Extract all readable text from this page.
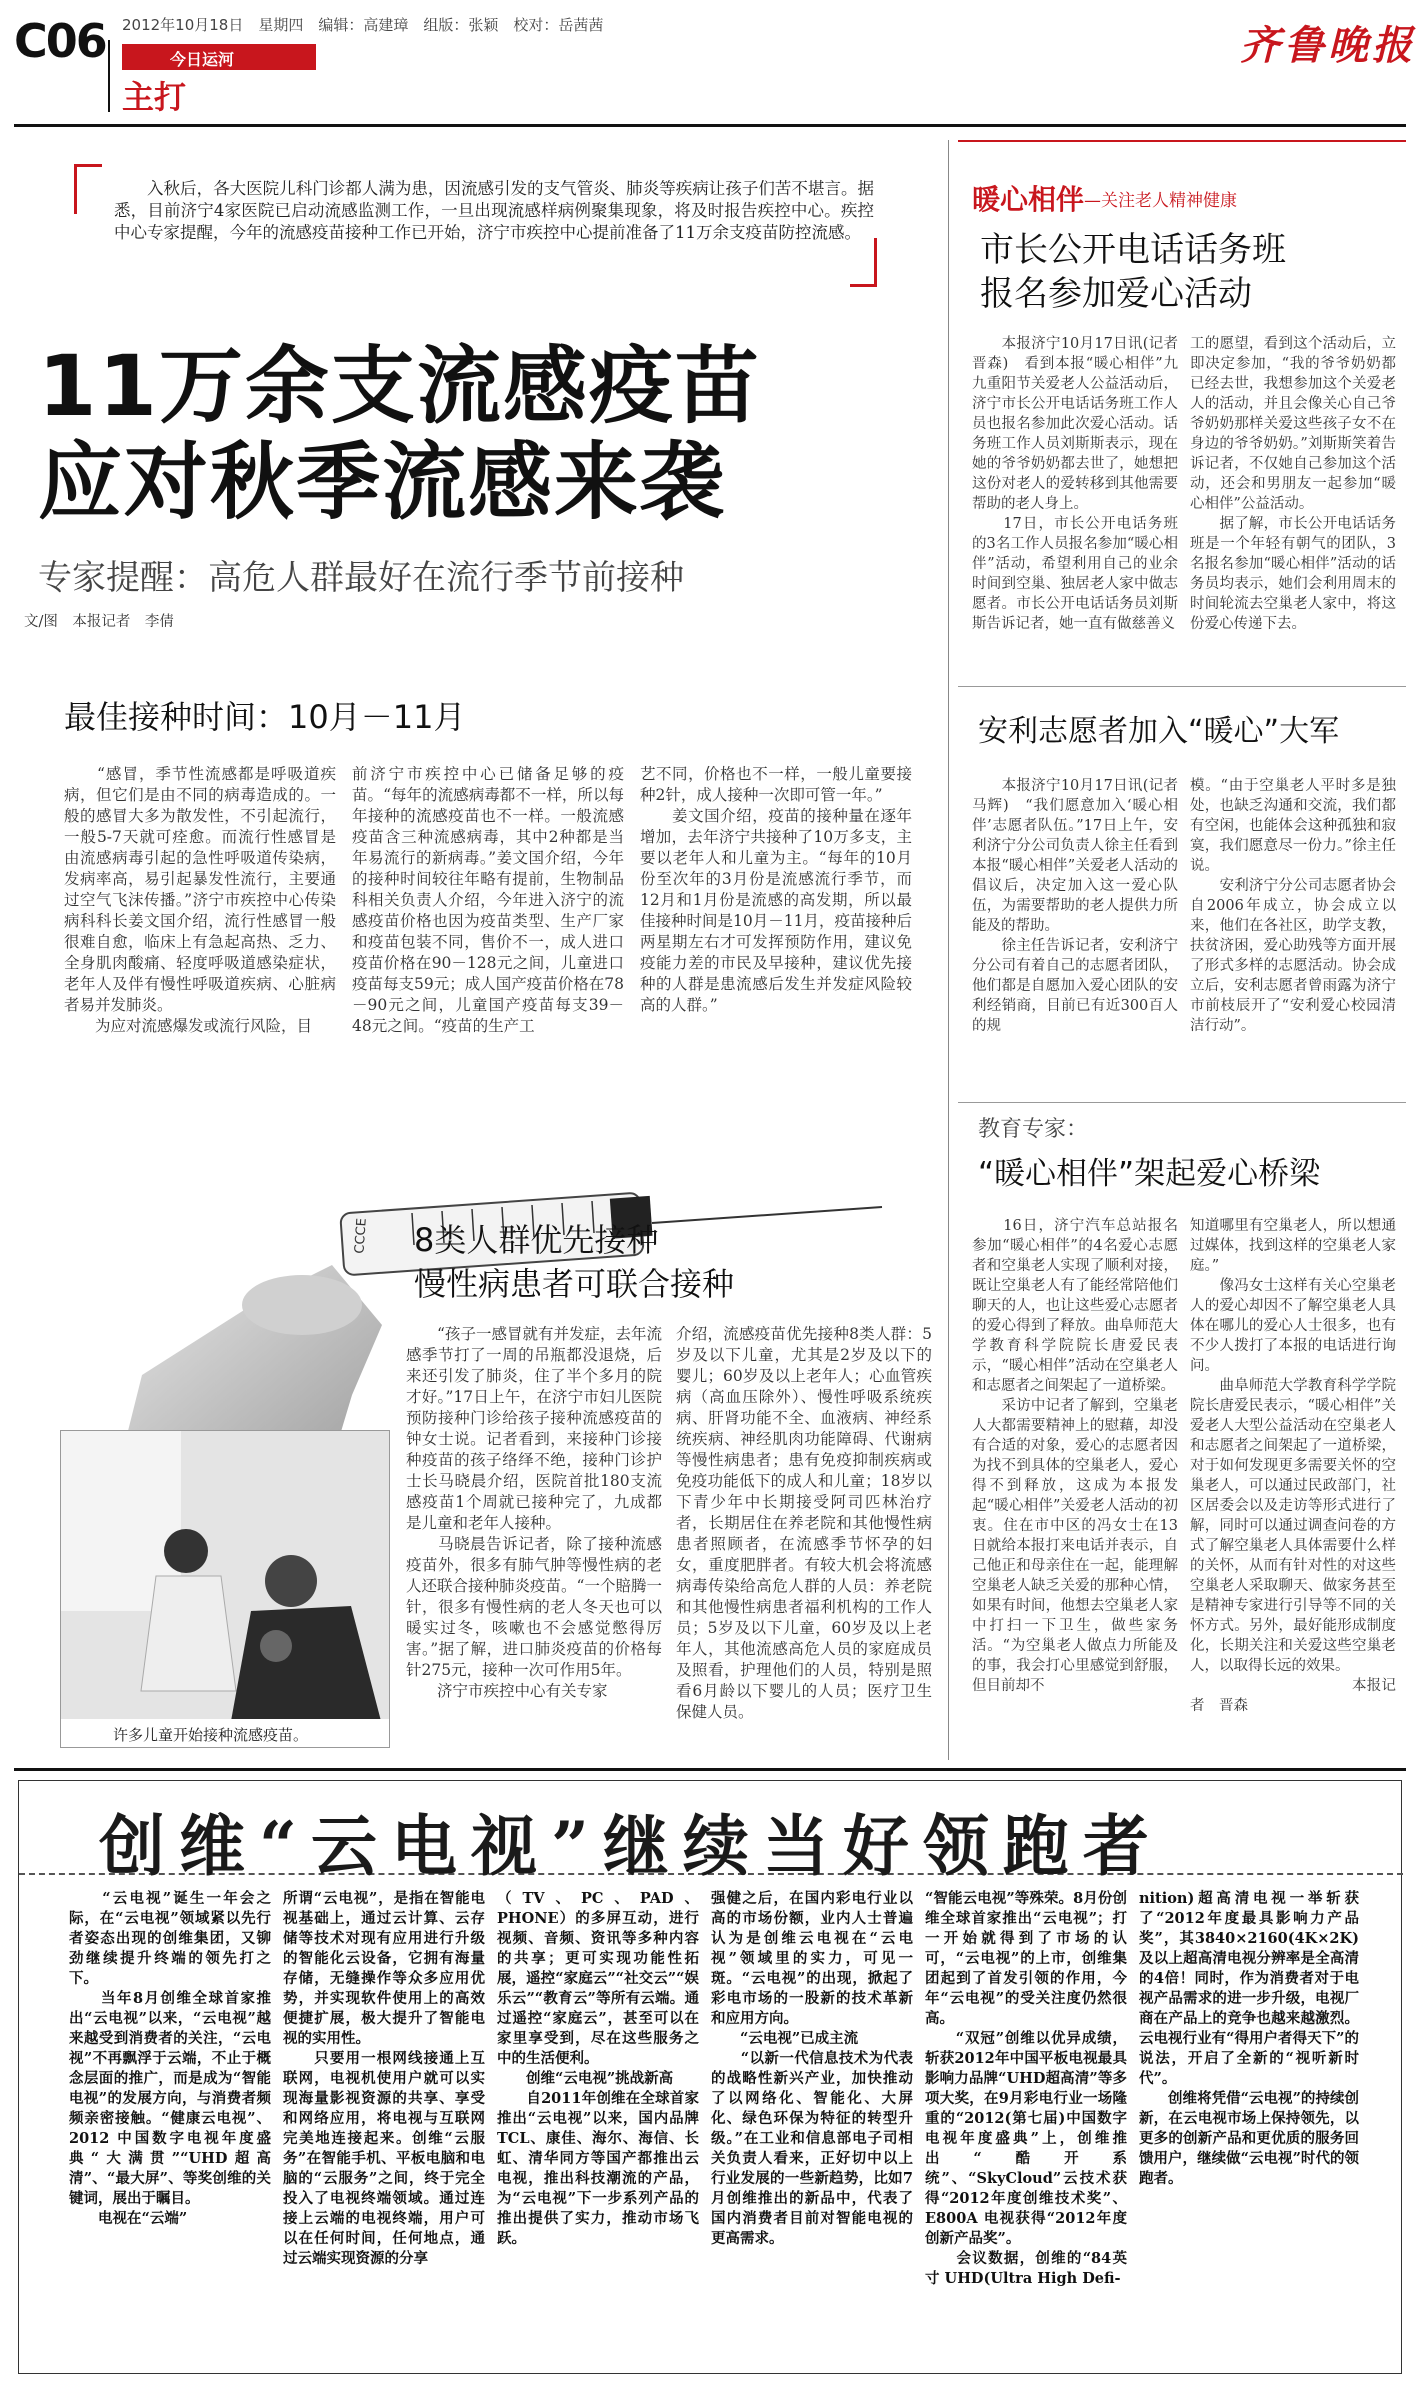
C06 2012年10月18日　星期四　编辑：高建璋　组版：张颖　校对：岳茜茜
今日运河
主打
齐鲁晚报
入秋后，各大医院儿科门诊都人满为患，因流感引发的支气管炎、肺炎等疾病让孩子们苦不堪言。据悉，目前济宁4家医院已启动流感监测工作，一旦出现流感样病例聚集现象，将及时报告疾控中心。疾控中心专家提醒，今年的流感疫苗接种工作已开始，济宁市疾控中心提前准备了11万余支疫苗防控流感。
11万余支流感疫苗
应对秋季流感来袭
专家提醒：高危人群最好在流行季节前接种
文/图　本报记者　李倩
最佳接种时间：10月－11月
　　“感冒，季节性流感都是呼吸道疾病，但它们是由不同的病毒造成的。一般的感冒大多为散发性，不引起流行，一般5-7天就可痊愈。而流行性感冒是由流感病毒引起的急性呼吸道传染病，发病率高，易引起暴发性流行，主要通过空气飞沫传播。”济宁市疾控中心传染病科科长姜文国介绍，流行性感冒一般很难自愈，临床上有急起高热、乏力、全身肌肉酸痛、轻度呼吸道感染症状，老年人及伴有慢性呼吸道疾病、心脏病者易并发肺炎。
　　为应对流感爆发或流行风险，目
前济宁市疾控中心已储备足够的疫苗。“每年的流感病毒都不一样，所以每年接种的流感疫苗也不一样。一般流感疫苗含三种流感病毒，其中2种都是当年易流行的新病毒。”姜文国介绍，今年的接种时间较往年略有提前，生物制品科相关负责人介绍，今年进入济宁的流感疫苗价格也因为疫苗类型、生产厂家和疫苗包装不同，售价不一，成人进口疫苗价格在90－128元之间，儿童进口疫苗每支59元；成人国产疫苗价格在78－90元之间，儿童国产疫苗每支39－48元之间。“疫苗的生产工
艺不同，价格也不一样，一般儿童要接种2针，成人接种一次即可管一年。”
　　姜文国介绍，疫苗的接种量在逐年增加，去年济宁共接种了10万多支，主要以老年人和儿童为主。“每年的10月份至次年的3月份是流感流行季节，而12月和1月份是流感的高发期，所以最佳接种时间是10月－11月，疫苗接种后两星期左右才可发挥预防作用，建议免疫能力差的市民及早接种，建议优先接种的人群是患流感后发生并发症风险较高的人群。”
CCCE 8类人群优先接种
慢性病患者可联合接种
许多儿童开始接种流感疫苗。
　　“孩子一感冒就有并发症，去年流感季节打了一周的吊瓶都没退烧，后来还引发了肺炎，住了半个多月的院才好。”17日上午，在济宁市妇儿医院预防接种门诊给孩子接种流感疫苗的钟女士说。记者看到，来接种门诊接种疫苗的孩子络绎不绝，接种门诊护士长马晓晨介绍，医院首批180支流感疫苗1个周就已接种完了，九成都是儿童和老年人接种。
　　马晓晨告诉记者，除了接种流感疫苗外，很多有肺气肿等慢性病的老人还联合接种肺炎疫苗。“一个賠腾一针，很多有慢性病的老人冬天也可以暖实过冬，咳嗽也不会感觉憋得厉害。”据了解，进口肺炎疫苗的价格每针275元，接种一次可作用5年。
　　济宁市疾控中心有关专家
介绍，流感疫苗优先接种8类人群：5岁及以下儿童，尤其是2岁及以下的婴儿；60岁及以上老年人；心血管疾病（高血压除外）、慢性呼吸系统疾病、肝肾功能不全、血液病、神经系统疾病、神经肌肉功能障碍、代谢病等慢性病患者；患有免疫抑制疾病或免疫功能低下的成人和儿童；18岁以下青少年中长期接受阿司匹林治疗者，长期居住在养老院和其他慢性病患者照顾者，在流感季节怀孕的妇女，重度肥胖者。有较大机会将流感病毒传染给高危人群的人员：养老院和其他慢性病患者福利机构的工作人员；5岁及以下儿童，60岁及以上老年人，其他流感高危人员的家庭成员及照看，护理他们的人员，特别是照看6月龄以下婴儿的人员；医疗卫生保健人员。
暖心相伴 —关注老人精神健康
市长公开电话话务班
报名参加爱心活动
　　本报济宁10月17日讯(记者　晋森)　看到本报“暖心相伴”九九重阳节关爱老人公益活动后，济宁市长公开电话话务班工作人员也报名参加此次爱心活动。话务班工作人员刘斯斯表示，现在她的爷爷奶奶都去世了，她想把这份对老人的爱转移到其他需要帮助的老人身上。
　　17日，市长公开电话务班的3名工作人员报名参加“暖心相伴”活动，希望利用自己的业余时间到空巢、独居老人家中做志愿者。市长公开电话话务员刘斯斯告诉记者，她一直有做慈善义
工的愿望，看到这个活动后，立即决定参加，“我的爷爷奶奶都已经去世，我想参加这个关爱老人的活动，并且会像关心自己爷爷奶奶那样关爱这些孩子女不在身边的爷爷奶奶。”刘斯斯笑着告诉记者，不仅她自己参加这个活动，还会和男朋友一起参加“暖心相伴”公益活动。
　　据了解，市长公开电话话务班是一个年轻有朝气的团队，3名报名参加“暖心相伴”活动的话务员均表示，她们会利用周末的时间轮流去空巢老人家中，将这份爱心传递下去。
安利志愿者加入“暖心”大军
　　本报济宁10月17日讯(记者　马辉)　“我们愿意加入‘暖心相伴’志愿者队伍。”17日上午，安利济宁分公司负责人徐主任看到本报“暖心相伴”关爱老人活动的倡议后，决定加入这一爱心队伍，为需要帮助的老人提供力所能及的帮助。
　　徐主任告诉记者，安利济宁分公司有着自己的志愿者团队，他们都是自愿加入爱心团队的安利经销商，目前已有近300百人的规
模。“由于空巢老人平时多是独处，也缺乏沟通和交流，我们都有空闲，也能体会这种孤独和寂寞，我们愿意尽一份力。”徐主任说。
　　安利济宁分公司志愿者协会自2006年成立，协会成立以来，他们在各社区，助学支教，扶贫济困，爱心助残等方面开展了形式多样的志愿活动。协会成立后，安利志愿者曾雨露为济宁市前枝辰开了“安利爱心校园清洁行动”。
教育专家：
“暖心相伴”架起爱心桥梁
　　16日，济宁汽车总站报名参加“暖心相伴”的4名爱心志愿者和空巢老人实现了顺利对接，既让空巢老人有了能经常陪他们聊天的人，也让这些爱心志愿者的爱心得到了释放。曲阜师范大学教育科学院院长唐爱民表示，“暖心相伴”活动在空巢老人和志愿者之间架起了一道桥梁。
　　采访中记者了解到，空巢老人大都需要精神上的慰藉，却没有合适的对象，爱心的志愿者因为找不到具体的空巢老人，爱心得不到释放，这成为本报发起“暖心相伴”关爱老人活动的初衷。住在市中区的冯女士在13日就给本报打来电话并表示，自己他正和母亲住在一起，能理解空巢老人缺乏关爱的那种心情，如果有时间，他想去空巢老人家中打扫一下卫生，做些家务活。“为空巢老人做点力所能及的事，我会打心里感觉到舒服，但目前却不
知道哪里有空巢老人，所以想通过媒体，找到这样的空巢老人家庭。”
　　像冯女士这样有关心空巢老人的爱心却因不了解空巢老人具体在哪儿的爱心人士很多，也有不少人拨打了本报的电话进行询问。
　　曲阜师范大学教育科学学院院长唐爱民表示，“暖心相伴”关爱老人大型公益活动在空巢老人和志愿者之间架起了一道桥梁，对于如何发现更多需要关怀的空巢老人，可以通过民政部门，社区居委会以及走访等形式进行了解，同时可以通过调查问卷的方式了解空巢老人具体需要什么样的关怀，从而有针对性的对这些空巢老人采取聊天、做家务甚至是精神专家进行引导等不同的关怀方式。另外，最好能形成制度化，长期关注和关爱这些空巢老人，以取得长远的效果。
　　　　　　　　　　　本报记者　晋森
创维“云电视”继续当好领跑者
　　“云电视”诞生一年会之际，在“云电视”领域紧以先行者姿态出现的创维集团，又铆劲继续提升终端的领先打之下。
　　当年8月创维全球首家推出“云电视”以来，“云电视”越来越受到消费者的关注，“云电视”不再飘浮于云端，不止于概念层面的推广，而是成为“智能电视”的发展方向，与消费者频频亲密接触。“健康云电视”、2012 中国数字电视年度盛典“大满贯”“UHD超高清”、“最大屏”、等奖创维的关键词，展出于瞩目。
　　电视在“云端”
所谓“云电视”，是指在智能电视基础上，通过云计算、云存储等技术对现有应用进行升级的智能化云设备，它拥有海量存储，无缝操作等众多应用优势，并实现软件使用上的高效便捷扩展，极大提升了智能电视的实用性。
　　只要用一根网线接通上互联网，电视机使用户就可以实现海量影视资源的共享、享受和网络应用，将电视与互联网完美地连接起来。创维“云服务”在智能手机、平板电脑和电脑的“云服务”之间，终于完全投入了电视终端领域。通过连接上云端的电视终端，用户可以在任何时间，任何地点，通过云端实现资源的分享
（TV、PC、PAD、PHONE）的多屏互动，进行视频、音频、资讯等多种内容的共享；更可实现功能性拓展，遥控“家庭云”“社交云”“娱乐云”“教育云”等所有云端。通过遥控“家庭云”，甚至可以在家里享受到，尽在这些服务之中的生活便利。
　　创维“云电视”挑战新高
　　自2011年创维在全球首家推出“云电视”以来，国内品牌TCL、康佳、海尔、海信、长虹、清华同方等国产都推出云电视，推出科技潮流的产品，为“云电视”下一步系列产品的推出提供了实力，推动市场飞跃。
强健之后，在国内彩电行业以高的市场份额，业内人士普遍认为是创维云电视在“云电视”领域里的实力，可见一斑。“云电视”的出现，掀起了彩电市场的一股新的技术革新和应用方向。
　　“云电视”已成主流
　　“以新一代信息技术为代表的战略性新兴产业，加快推动了以网络化、智能化、大屏化、绿色环保为特征的转型升级。”在工业和信息部电子司相关负责人看来，正好切中以上行业发展的一些新趋势，比如7月创维推出的新品中，代表了国内消费者目前对智能电视的更高需求。
“智能云电视”等殊荣。8月份创维全球首家推出“云电视”；打一开始就得到了市场的认可，“云电视”的上市，创维集团起到了首发引领的作用，今年“云电视”的受关注度仍然很高。
　　“双冠”创维以优异成绩，斩获2012年中国平板电视最具影响力品牌“UHD超高清”等多项大奖，在9月彩电行业一场隆重的“2012(第七届)中国数字电视年度盛典”上，创维推出“酷开系统”、“SkyCloud”云技术获得“2012年度创维技术奖”、E800A 电视获得“2012年度创新产品奖”。
　　会议数据，创维的“84英寸 UHD(Ultra High Defi-
nition)超高清电视一举斩获了“2012年度最具影响力产品奖”，其3840×2160(4K×2K)及以上超高清电视分辨率是全高清的4倍！同时，作为消费者对于电视产品需求的进一步升级，电视厂商在产品上的竞争也越来越激烈。云电视行业有“得用户者得天下”的说法，开启了全新的“视听新时代”。
　　创维将凭借“云电视”的持续创新，在云电视市场上保持领先，以更多的创新产品和更优质的服务回馈用户，继续做“云电视”时代的领跑者。
